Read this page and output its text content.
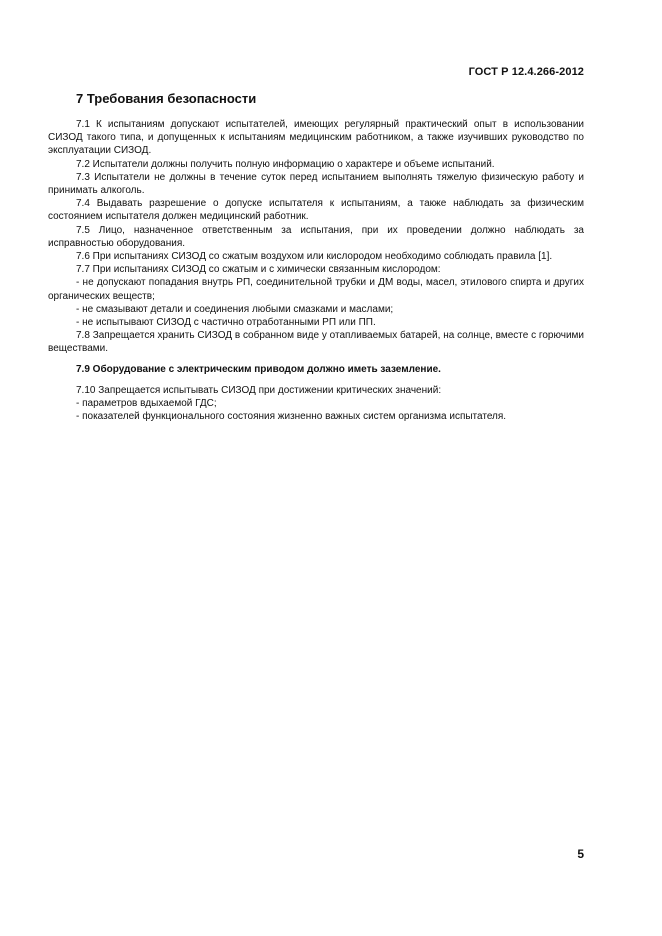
ГОСТ Р 12.4.266-2012
7 Требования безопасности

7.1 К испытаниям допускают испытателей, имеющих регулярный практический опыт в использовании СИЗОД такого типа, и допущенных к испытаниям медицинским работником, а также изучивших руководство по эксплуатации СИЗОД.

7.2 Испытатели должны получить полную информацию о характере и объеме испытаний.

7.3 Испытатели не должны в течение суток перед испытанием выполнять тяжелую физическую работу и принимать алкоголь.

7.4 Выдавать разрешение о допуске испытателя к испытаниям, а также наблюдать за физическим состоянием испытателя должен медицинский работник.

7.5 Лицо, назначенное ответственным за испытания, при их проведении должно наблюдать за исправностью оборудования.

7.6 При испытаниях СИЗОД со сжатым воздухом или кислородом необходимо соблюдать правила [1].

7.7 При испытаниях СИЗОД со сжатым и с химически связанным кислородом:

- не допускают попадания внутрь РП, соединительной трубки и ДМ воды, масел, этилового спирта и других органических веществ;

- не смазывают детали и соединения любыми смазками и маслами;

- не испытывают СИЗОД с частично отработанными РП или ПП.

7.8 Запрещается хранить СИЗОД в собранном виде у отапливаемых батарей, на солнце, вместе с горючими веществами.

7.9 Оборудование с электрическим приводом должно иметь заземление.

7.10 Запрещается испытывать СИЗОД при достижении критических значений:

- параметров вдыхаемой ГДС;

- показателей функционального состояния жизненно важных систем организма испытателя.

5
